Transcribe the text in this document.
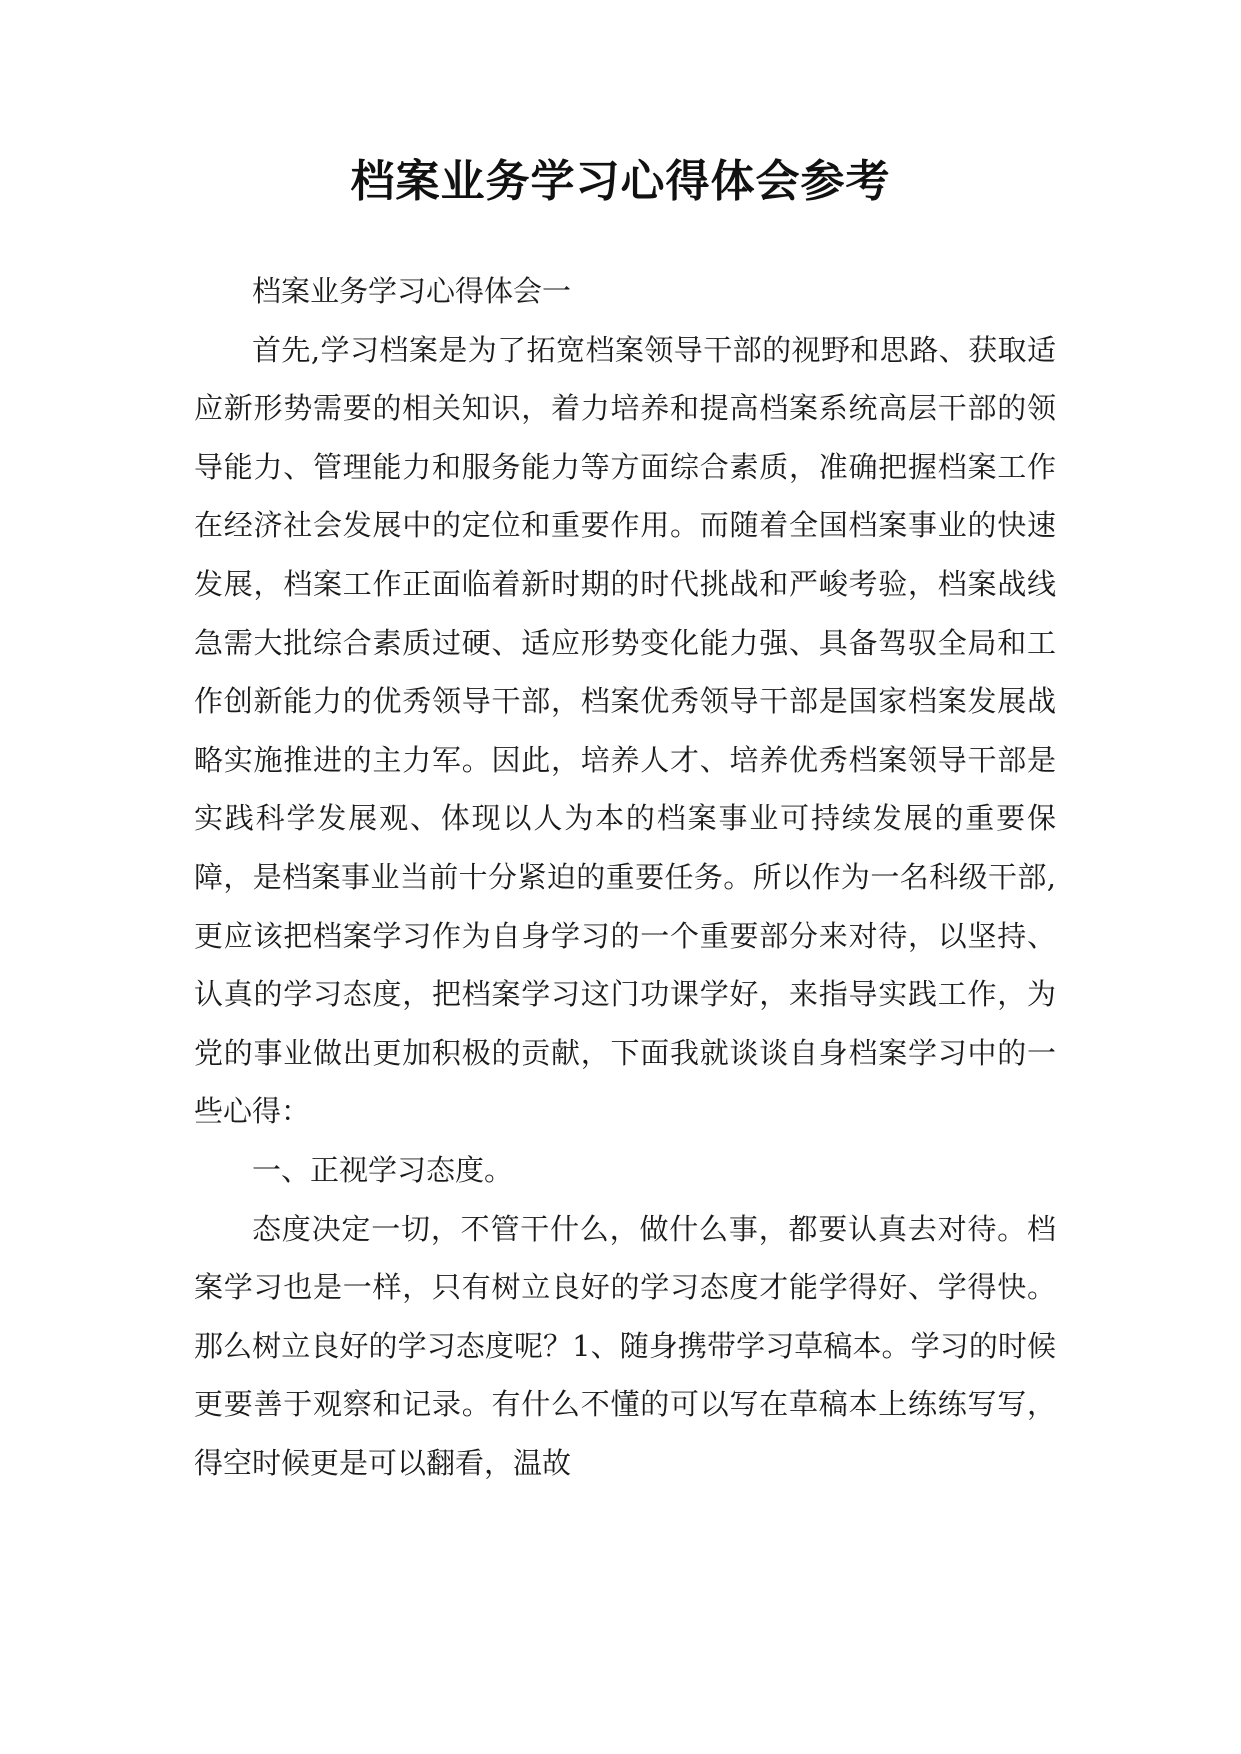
档案业务学习心得体会参考

档案业务学习心得体会一

首先,学习档案是为了拓宽档案领导干部的视野和思路、获取适应新形势需要的相关知识，着力培养和提高档案系统高层干部的领导能力、管理能力和服务能力等方面综合素质，准确把握档案工作在经济社会发展中的定位和重要作用。而随着全国档案事业的快速发展，档案工作正面临着新时期的时代挑战和严峻考验，档案战线急需大批综合素质过硬、适应形势变化能力强、具备驾驭全局和工作创新能力的优秀领导干部，档案优秀领导干部是国家档案发展战略实施推进的主力军。因此，培养人才、培养优秀档案领导干部是实践科学发展观、体现以人为本的档案事业可持续发展的重要保障，是档案事业当前十分紧迫的重要任务。所以作为一名科级干部,更应该把档案学习作为自身学习的一个重要部分来对待，以坚持、认真的学习态度，把档案学习这门功课学好，来指导实践工作，为党的事业做出更加积极的贡献，下面我就谈谈自身档案学习中的一些心得：

一、正视学习态度。

态度决定一切，不管干什么，做什么事，都要认真去对待。档案学习也是一样，只有树立良好的学习态度才能学得好、学得快。那么树立良好的学习态度呢？1、随身携带学习草稿本。学习的时候更要善于观察和记录。有什么不懂的可以写在草稿本上练练写写，得空时候更是可以翻看，温故
